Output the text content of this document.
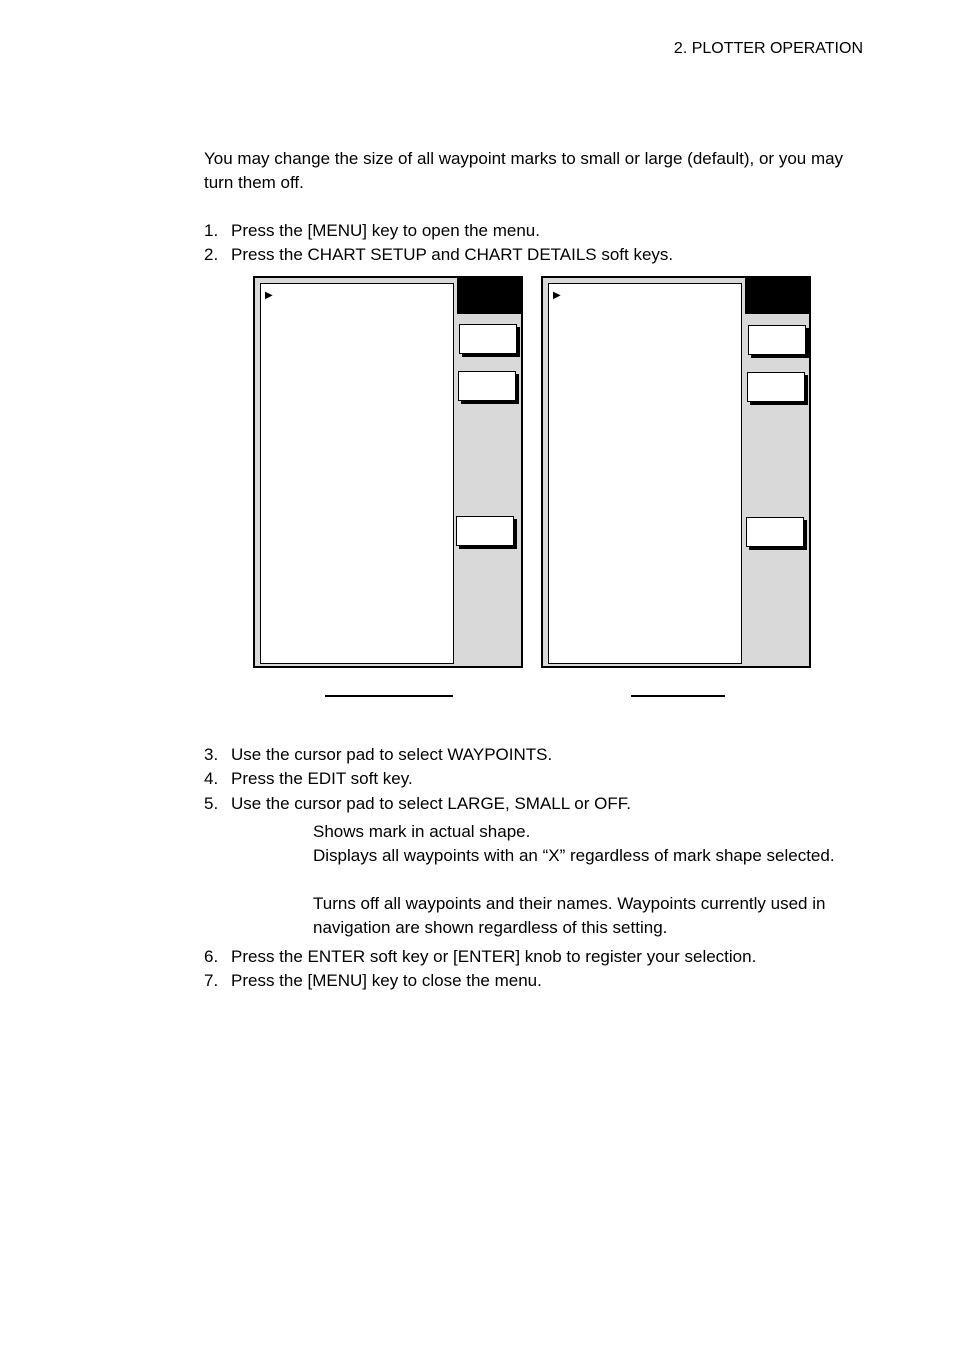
2. PLOTTER OPERATION
You may change the size of all waypoint marks to small or large (default), or you may turn them off.
1. Press the [MENU] key to open the menu.
2. Press the CHART SETUP and CHART DETAILS soft keys.
▶	▶
3. Use the cursor pad to select WAYPOINTS.
4. Press the EDIT soft key.
5. Use the cursor pad to select LARGE, SMALL or OFF.
Shows mark in actual shape.
Displays all waypoints with an “X” regardless of mark shape selected.
Turns off all waypoints and their names. Waypoints currently used in navigation are shown regardless of this setting.
6. Press the ENTER soft key or [ENTER] knob to register your selection.
7. Press the [MENU] key to close the menu.
